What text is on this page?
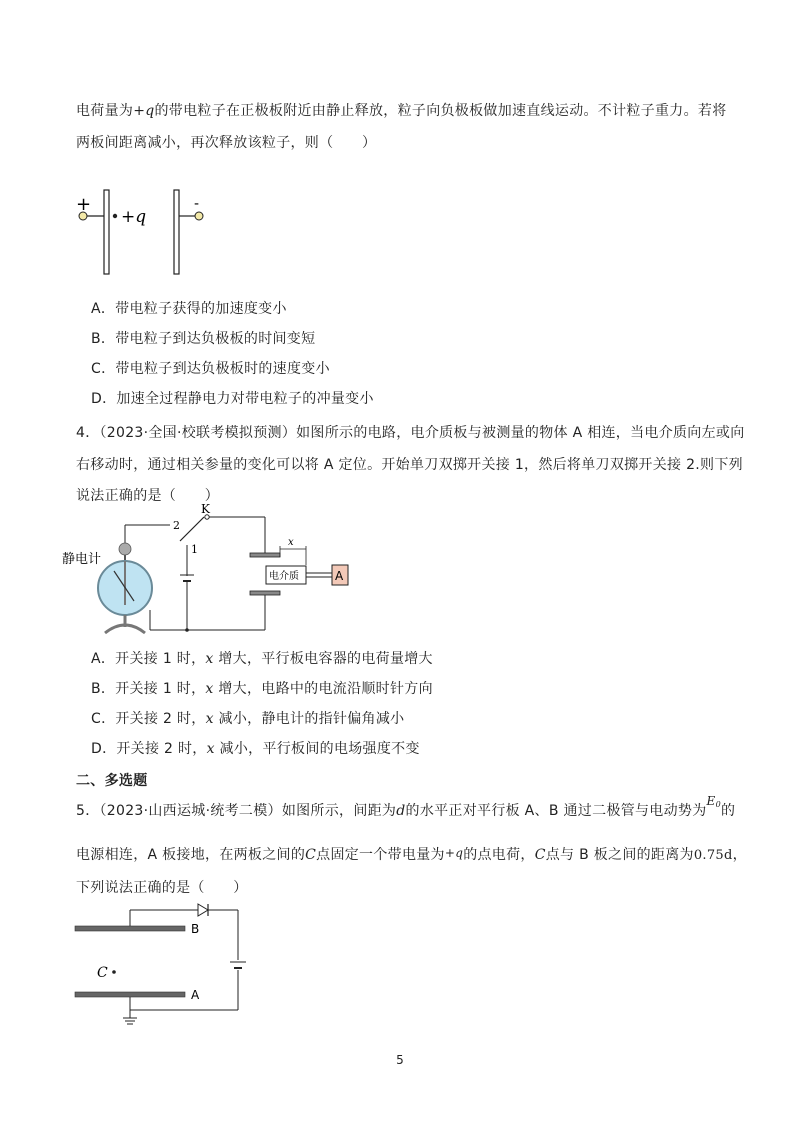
电荷量为+q的带电粒子在正极板附近由静止释放，粒子向负极板做加速直线运动。不计粒子重力。若将
两板间距离减小，再次释放该粒子，则（　　）
+	-
+q
A．带电粒子获得的加速度变小
B．带电粒子到达负极板的时间变短
C．带电粒子到达负极板时的速度变小
D．加速全过程静电力对带电粒子的冲量变小
4．（2023·全国·校联考模拟预测）如图所示的电路，电介质板与被测量的物体 A 相连，当电介质向左或向
右移动时，通过相关参量的变化可以将 A 定位。开始单刀双掷开关接 1，然后将单刀双掷开关接 2.则下列
说法正确的是（　　）
K
2
1
电介质	A
x
静电计
A．开关接 1 时，x 增大，平行板电容器的电荷量增大
B．开关接 1 时，x 增大，电路中的电流沿顺时针方向
C．开关接 2 时，x 减小，静电计的指针偏角减小
D．开关接 2 时，x 减小，平行板间的电场强度不变
二、多选题
5．（2023·山西运城·统考二模）如图所示，间距为d的水平正对平行板 A、B 通过二极管与电动势为$E_0$的
电源相连，A 板接地，在两板之间的C点固定一个带电量为+q的点电荷，C点与 B 板之间的距离为0.75d，
下列说法正确的是（　　）
B
A
C
5
